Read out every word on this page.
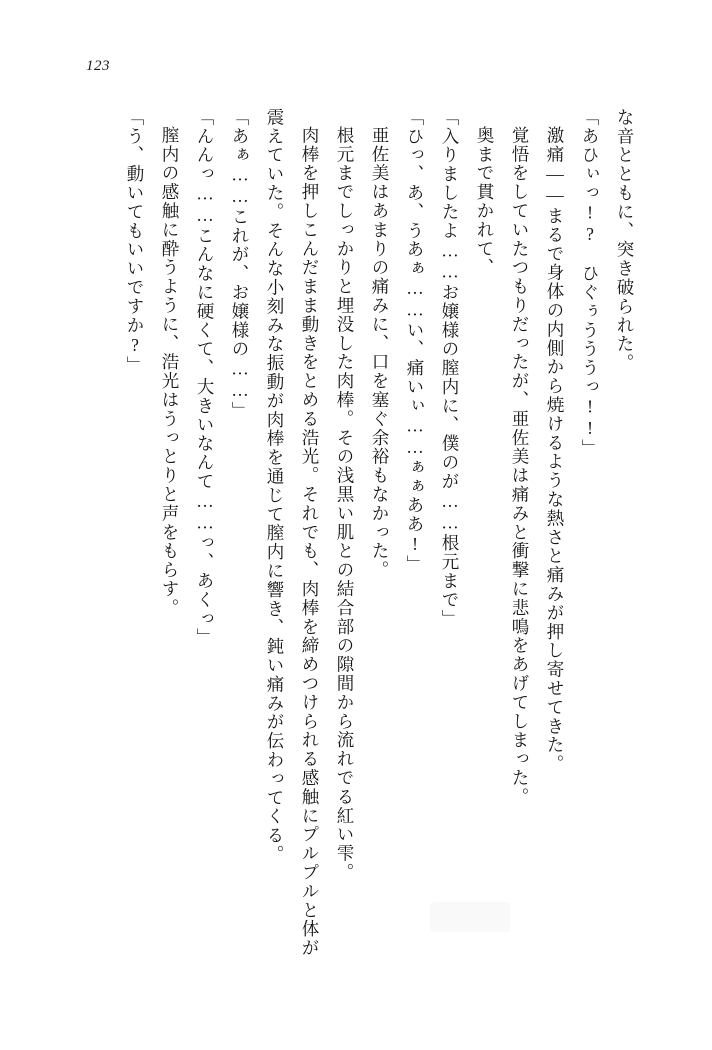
123

な音とともに、突き破られた。

「あひぃっ!?　ひぐぅうううっ!!」

激痛——まるで身体の内側から焼けるような熱さと痛みが押し寄せてきた。

覚悟をしていたつもりだったが、亜佐美は痛みと衝撃に悲鳴をあげてしまった。

奥まで貫かれて、

「入りましたよ……お嬢様の膣内に、僕のが……根元まで」

「ひっ、あ、うあぁ……い、痛いぃ……ぁぁああ!」

亜佐美はあまりの痛みに、口を塞ぐ余裕もなかった。

根元までしっかりと埋没した肉棒。その浅黒い肌との結合部の隙間から流れでる紅い雫。

肉棒を押しこんだまま動きをとめる浩光。それでも、肉棒を締めつけられる感触にプルプルと体が震えていた。そんな小刻みな振動が肉棒を通じて膣内に響き、鈍い痛みが伝わってくる。

「あぁ……これが、お嬢様の……」

「んんっ……こんなに硬くて、大きいなんて……っ、あくっ」

膣内の感触に酔うように、浩光はうっとりと声をもらす。

「う、動いてもいいですか?」
